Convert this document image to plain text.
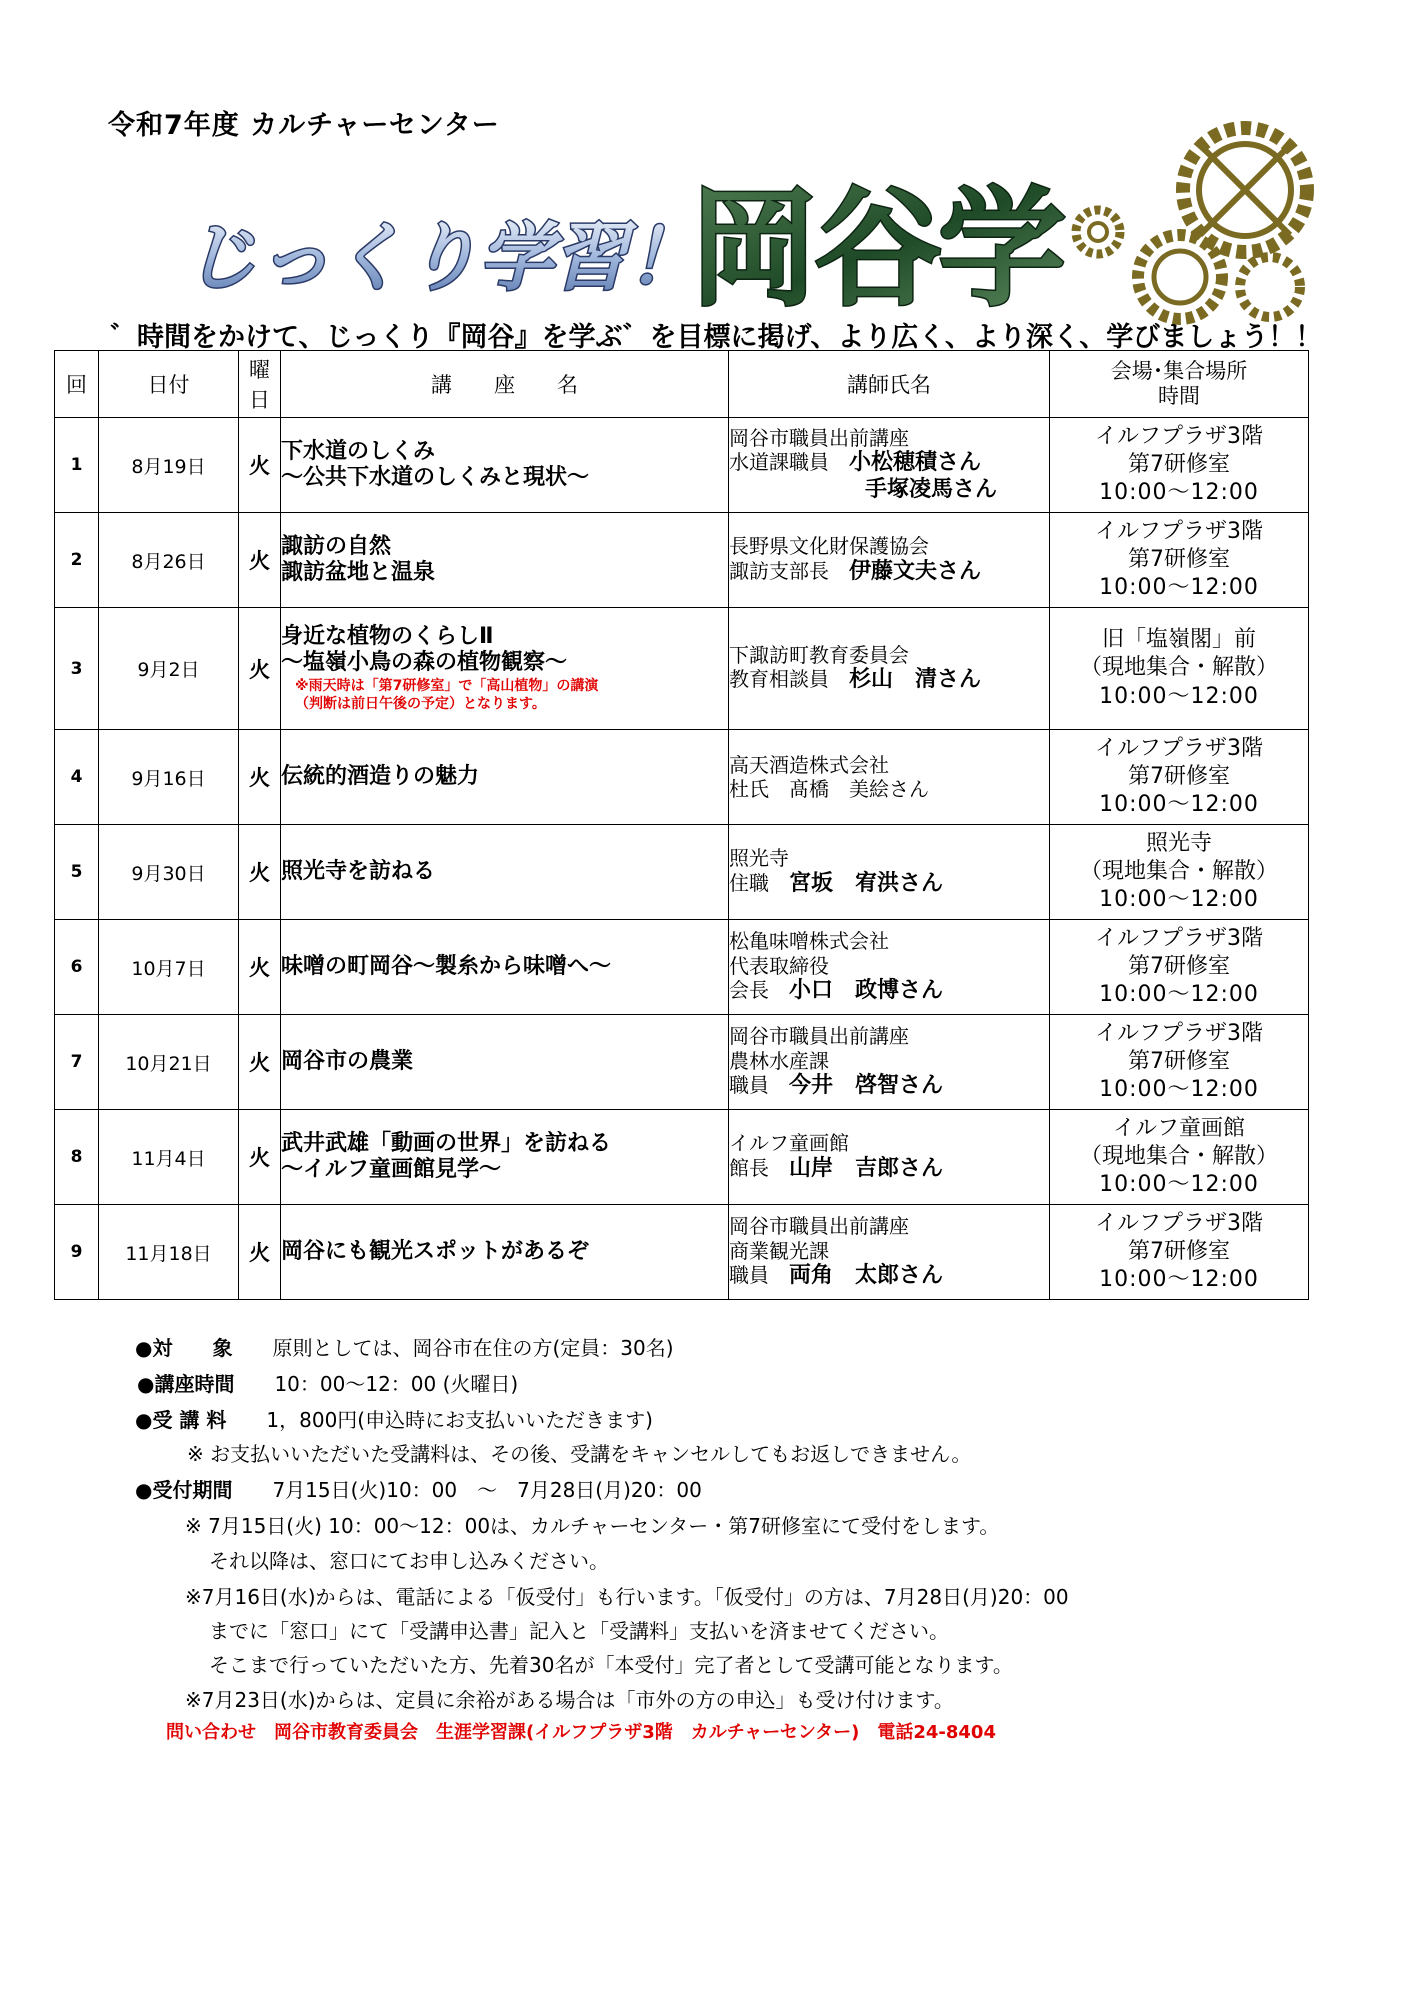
令和7年度 カルチャーセンター
じっくり学習！
岡谷学
゛時間をかけて、じっくり『岡谷』を学ぶ゛を目標に掲げ、より広く、より深く、学びましょう！！
回	日付	曜日	講　　座　　名	講師氏名	会場･集合場所
時間
1	8月19日	火	下水道のしくみ
～公共下水道のしくみと現状～	岡谷市職員出前講座
水道課職員　 小松穂積さん
手塚凌馬さん	イルフプラザ3階
第7研修室
10:00～12:00
2	8月26日	火	諏訪の自然
諏訪盆地と温泉	長野県文化財保護協会
諏訪支部長　 伊藤文夫さん	イルフプラザ3階
第7研修室
10:00～12:00
3	9月2日	火	身近な植物のくらしⅡ
～塩嶺小鳥の森の植物観察～
※雨天時は「第7研修室」で「高山植物」の講演
（判断は前日午後の予定）となります。	下諏訪町教育委員会
教育相談員　 杉山　清さん	旧「塩嶺閣」前
（現地集合・解散）
10:00～12:00
4	9月16日	火	伝統的酒造りの魅力	高天酒造株式会社
杜氏　 髙橋　美絵さん	イルフプラザ3階
第7研修室
10:00～12:00
5	9月30日	火	照光寺を訪ねる	照光寺
住職　 宮坂　宥洪さん	照光寺
（現地集合・解散）
10:00～12:00
6	10月7日	火	味噌の町岡谷～製糸から味噌へ～	松亀味噌株式会社
代表取締役
会長　 小口　政博さん	イルフプラザ3階
第7研修室
10:00～12:00
7	10月21日	火	岡谷市の農業	岡谷市職員出前講座
農林水産課
職員　 今井　啓智さん	イルフプラザ3階
第7研修室
10:00～12:00
8	11月4日	火	武井武雄「動画の世界」を訪ねる
～イルフ童画館見学～	イルフ童画館
館長　 山岸　吉郎さん	イルフ童画館
（現地集合・解散）
10:00～12:00
9	11月18日	火	岡谷にも観光スポットがあるぞ	岡谷市職員出前講座
商業観光課
職員　 両角　太郎さん	イルフプラザ3階
第7研修室
10:00～12:00
●対　　象　　 原則としては、岡谷市在住の方(定員：30名)
●講座時間　　 10：00～12：00 (火曜日)
●受 講 料　　 1，800円(申込時にお支払いいただきます)
※ お支払いいただいた受講料は、その後、受講をキャンセルしてもお返しできません。
●受付期間　　 7月15日(火)10：00　～　7月28日(月)20：00
※ 7月15日(火) 10：00～12：00は、カルチャーセンター・第7研修室にて受付をします。
それ以降は、窓口にてお申し込みください。
※7月16日(水)からは、電話による「仮受付」も行います。「仮受付」の方は、7月28日(月)20：00
までに「窓口」にて「受講申込書」記入と「受講料」支払いを済ませてください。
そこまで行っていただいた方、先着30名が「本受付」完了者として受講可能となります。
※7月23日(水)からは、定員に余裕がある場合は「市外の方の申込」も受け付けます。
問い合わせ　岡谷市教育委員会　生涯学習課(イルフプラザ3階　カルチャーセンター)　電話24-8404
